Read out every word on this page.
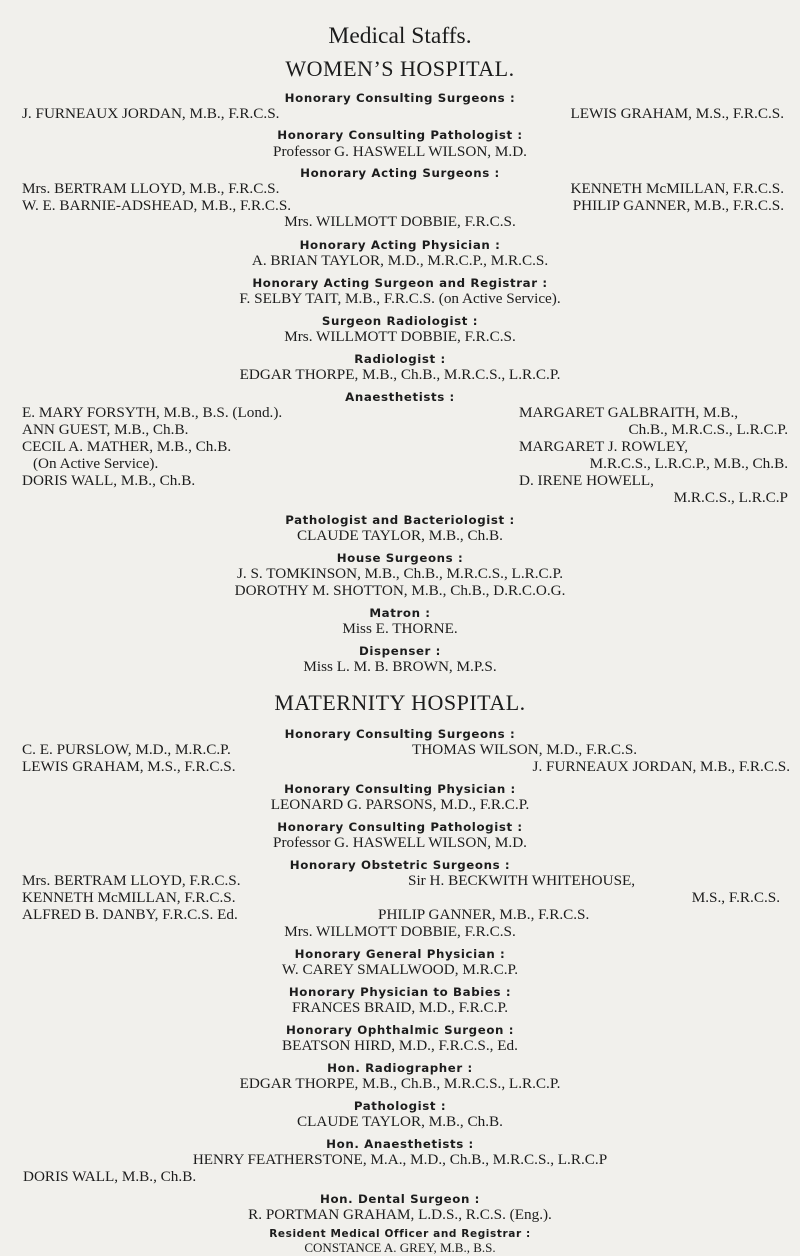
Medical Staffs.
WOMEN’S HOSPITAL.
Honorary Consulting Surgeons :
J. FURNEAUX JORDAN, M.B., F.R.C.S.	LEWIS GRAHAM, M.S., F.R.C.S.
Honorary Consulting Pathologist :
Professor G. HASWELL WILSON, M.D.
Honorary Acting Surgeons :
Mrs. BERTRAM LLOYD, M.B., F.R.C.S.	KENNETH McMILLAN, F.R.C.S.
W. E. BARNIE-ADSHEAD, M.B., F.R.C.S.	PHILIP GANNER, M.B., F.R.C.S.
Mrs. WILLMOTT DOBBIE, F.R.C.S.
Honorary Acting Physician :
A. BRIAN TAYLOR, M.D., M.R.C.P., M.R.C.S.
Honorary Acting Surgeon and Registrar :
F. SELBY TAIT, M.B., F.R.C.S. (on Active Service).
Surgeon Radiologist :
Mrs. WILLMOTT DOBBIE, F.R.C.S.
Radiologist :
EDGAR THORPE, M.B., Ch.B., M.R.C.S., L.R.C.P.
Anaesthetists :
E. MARY FORSYTH, M.B., B.S. (Lond.).
ANN GUEST, M.B., Ch.B.
CECIL A. MATHER, M.B., Ch.B.
(On Active Service).
DORIS WALL, M.B., Ch.B.
MARGARET GALBRAITH, M.B.,
Ch.B., M.R.C.S., L.R.C.P.
MARGARET J. ROWLEY,
M.R.C.S., L.R.C.P., M.B., Ch.B.
D. IRENE HOWELL,
M.R.C.S., L.R.C.P
Pathologist and Bacteriologist :
CLAUDE TAYLOR, M.B., Ch.B.
House Surgeons :
J. S. TOMKINSON, M.B., Ch.B., M.R.C.S., L.R.C.P.
DOROTHY M. SHOTTON, M.B., Ch.B., D.R.C.O.G.
Matron :
Miss E. THORNE.
Dispenser :
Miss L. M. B. BROWN, M.P.S.
MATERNITY HOSPITAL.
Honorary Consulting Surgeons :
C. E. PURSLOW, M.D., M.R.C.P.	THOMAS WILSON, M.D., F.R.C.S.
LEWIS GRAHAM, M.S., F.R.C.S.	J. FURNEAUX JORDAN, M.B., F.R.C.S.
Honorary Consulting Physician :
LEONARD G. PARSONS, M.D., F.R.C.P.
Honorary Consulting Pathologist :
Professor G. HASWELL WILSON, M.D.
Honorary Obstetric Surgeons :
Mrs. BERTRAM LLOYD, F.R.C.S.	Sir H. BECKWITH WHITEHOUSE,
KENNETH McMILLAN, F.R.C.S.	M.S., F.R.C.S.
ALFRED B. DANBY, F.R.C.S. Ed.	PHILIP GANNER, M.B., F.R.C.S.
Mrs. WILLMOTT DOBBIE, F.R.C.S.
Honorary General Physician :
W. CAREY SMALLWOOD, M.R.C.P.
Honorary Physician to Babies :
FRANCES BRAID, M.D., F.R.C.P.
Honorary Ophthalmic Surgeon :
BEATSON HIRD, M.D., F.R.C.S., Ed.
Hon. Radiographer :
EDGAR THORPE, M.B., Ch.B., M.R.C.S., L.R.C.P.
Pathologist :
CLAUDE TAYLOR, M.B., Ch.B.
Hon. Anaesthetists :
HENRY FEATHERSTONE, M.A., M.D., Ch.B., M.R.C.S., L.R.C.P
DORIS WALL, M.B., Ch.B.
Hon. Dental Surgeon :
R. PORTMAN GRAHAM, L.D.S., R.C.S. (Eng.).
Resident Medical Officer and Registrar :
CONSTANCE A. GREY, M.B., B.S.
